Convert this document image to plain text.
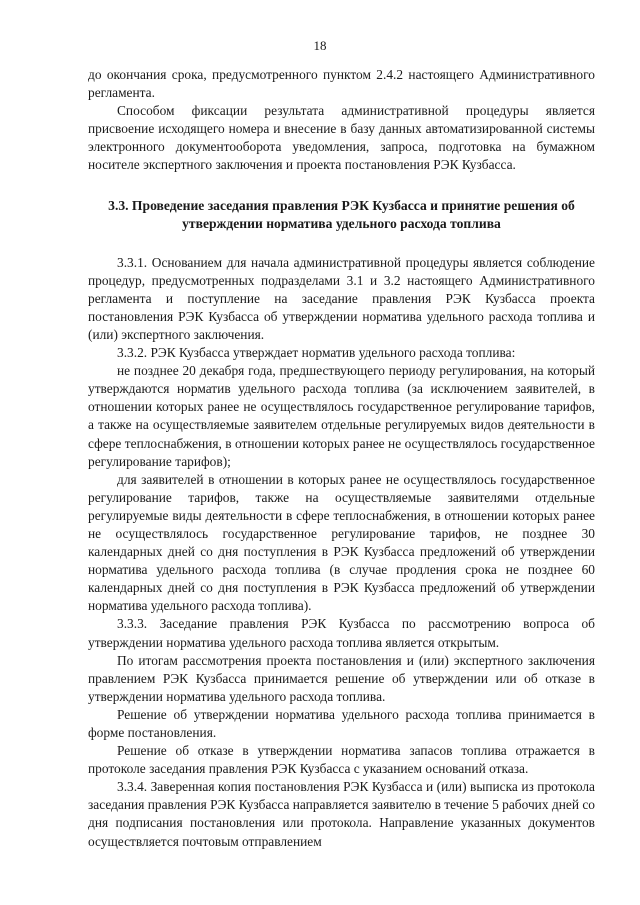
18

до окончания срока, предусмотренного пунктом 2.4.2 настоящего Административного регламента.

Способом фиксации результата административной процедуры является присвоение исходящего номера и внесение в базу данных автоматизированной системы электронного документооборота уведомления, запроса, подготовка на бумажном носителе экспертного заключения и проекта постановления РЭК Кузбасса.

3.3. Проведение заседания правления РЭК Кузбасса и принятие решения об утверждении норматива удельного расхода топлива

3.3.1. Основанием для начала административной процедуры является соблюдение процедур, предусмотренных подразделами 3.1 и 3.2 настоящего Административного регламента и поступление на заседание правления РЭК Кузбасса проекта постановления РЭК Кузбасса об утверждении норматива удельного расхода топлива и (или) экспертного заключения.

3.3.2. РЭК Кузбасса утверждает норматив удельного расхода топлива:

не позднее 20 декабря года, предшествующего периоду регулирования, на который утверждаются норматив удельного расхода топлива (за исключением заявителей, в отношении которых ранее не осуществлялось государственное регулирование тарифов, а также на осуществляемые заявителем отдельные регулируемых видов деятельности в сфере теплоснабжения, в отношении которых ранее не осуществлялось государственное регулирование тарифов);

для заявителей в отношении в которых ранее не осуществлялось государственное регулирование тарифов, также на осуществляемые заявителями отдельные регулируемые виды деятельности в сфере теплоснабжения, в отношении которых ранее не осуществлялось государственное регулирование тарифов, не позднее 30 календарных дней со дня поступления в РЭК Кузбасса предложений об утверждении норматива удельного расхода топлива (в случае продления срока не позднее 60 календарных дней со дня поступления в РЭК Кузбасса предложений об утверждении норматива удельного расхода топлива).

3.3.3. Заседание правления РЭК Кузбасса по рассмотрению вопроса об утверждении норматива удельного расхода топлива является открытым.

По итогам рассмотрения проекта постановления и (или) экспертного заключения правлением РЭК Кузбасса принимается решение об утверждении или об отказе в утверждении норматива удельного расхода топлива.

Решение об утверждении норматива удельного расхода топлива принимается в форме постановления.

Решение об отказе в утверждении норматива запасов топлива отражается в протоколе заседания правления РЭК Кузбасса с указанием оснований отказа.

3.3.4. Заверенная копия постановления РЭК Кузбасса и (или) выписка из протокола заседания правления РЭК Кузбасса направляется заявителю в течение 5 рабочих дней со дня подписания постановления или протокола. Направление указанных документов осуществляется почтовым отправлением
